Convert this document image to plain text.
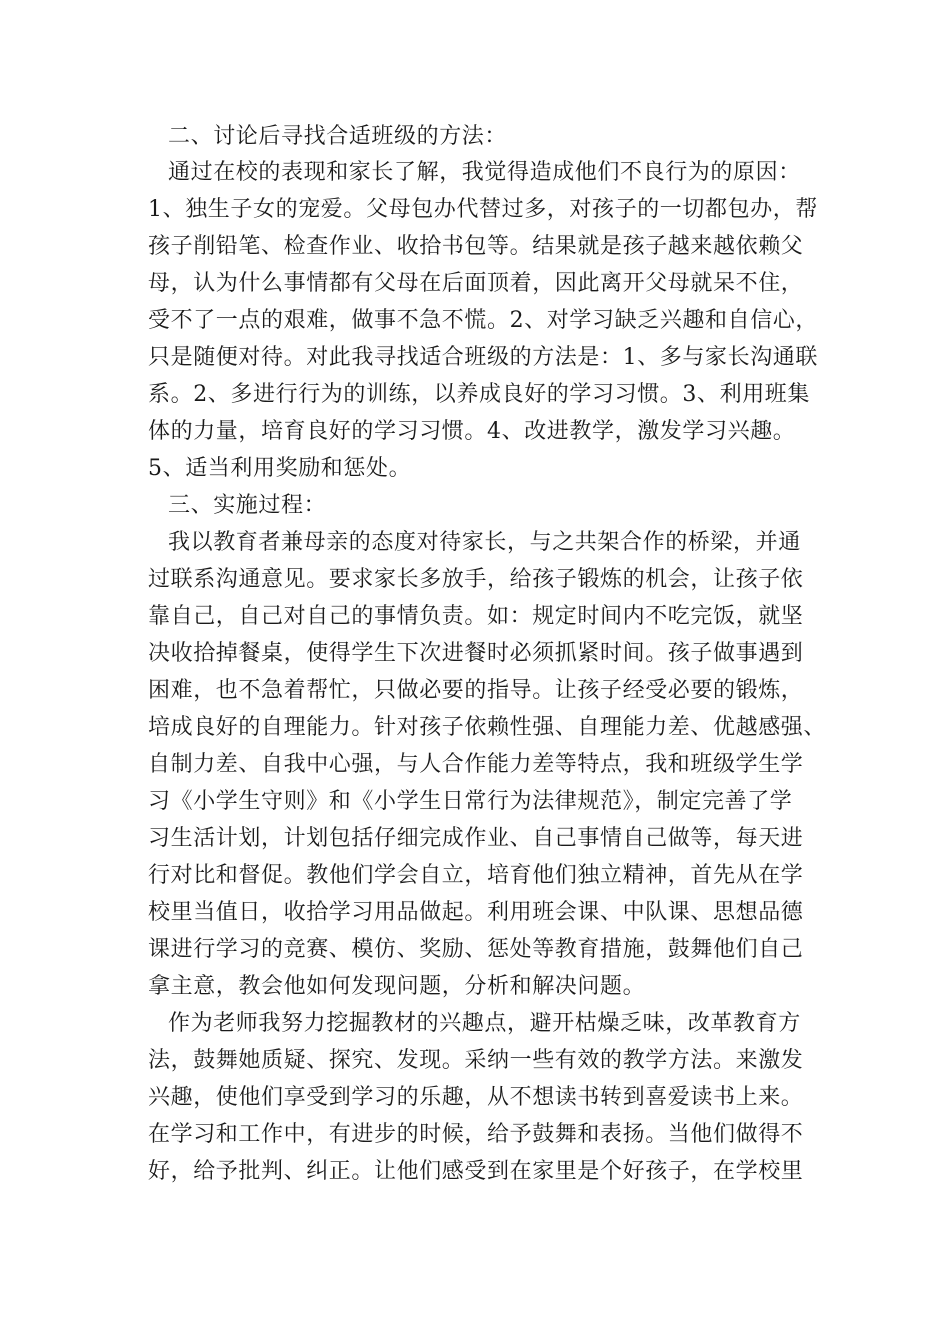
二、讨论后寻找合适班级的方法：
通过在校的表现和家长了解，我觉得造成他们不良行为的原因：
1、独生子女的宠爱。父母包办代替过多，对孩子的一切都包办，帮
孩子削铅笔、检查作业、收拾书包等。结果就是孩子越来越依赖父
母，认为什么事情都有父母在后面顶着，因此离开父母就呆不住，
受不了一点的艰难，做事不急不慌。2、对学习缺乏兴趣和自信心，
只是随便对待。对此我寻找适合班级的方法是：1、多与家长沟通联
系。2、多进行行为的训练，以养成良好的学习习惯。3、利用班集
体的力量，培育良好的学习习惯。4、改进教学，激发学习兴趣。
5、适当利用奖励和惩处。
三、实施过程：
我以教育者兼母亲的态度对待家长，与之共架合作的桥梁，并通
过联系沟通意见。要求家长多放手，给孩子锻炼的机会，让孩子依
靠自己，自己对自己的事情负责。如：规定时间内不吃完饭，就坚
决收拾掉餐桌，使得学生下次进餐时必须抓紧时间。孩子做事遇到
困难，也不急着帮忙，只做必要的指导。让孩子经受必要的锻炼，
培成良好的自理能力。针对孩子依赖性强、自理能力差、优越感强、
自制力差、自我中心强，与人合作能力差等特点，我和班级学生学
习《小学生守则》和《小学生日常行为法律规范》，制定完善了学
习生活计划，计划包括仔细完成作业、自己事情自己做等，每天进
行对比和督促。教他们学会自立，培育他们独立精神，首先从在学
校里当值日，收拾学习用品做起。利用班会课、中队课、思想品德
课进行学习的竞赛、模仿、奖励、惩处等教育措施，鼓舞他们自己
拿主意，教会他如何发现问题，分析和解决问题。
作为老师我努力挖掘教材的兴趣点，避开枯燥乏味，改革教育方
法，鼓舞她质疑、探究、发现。采纳一些有效的教学方法。来激发
兴趣，使他们享受到学习的乐趣，从不想读书转到喜爱读书上来。
在学习和工作中，有进步的时候，给予鼓舞和表扬。当他们做得不
好，给予批判、纠正。让他们感受到在家里是个好孩子，在学校里
